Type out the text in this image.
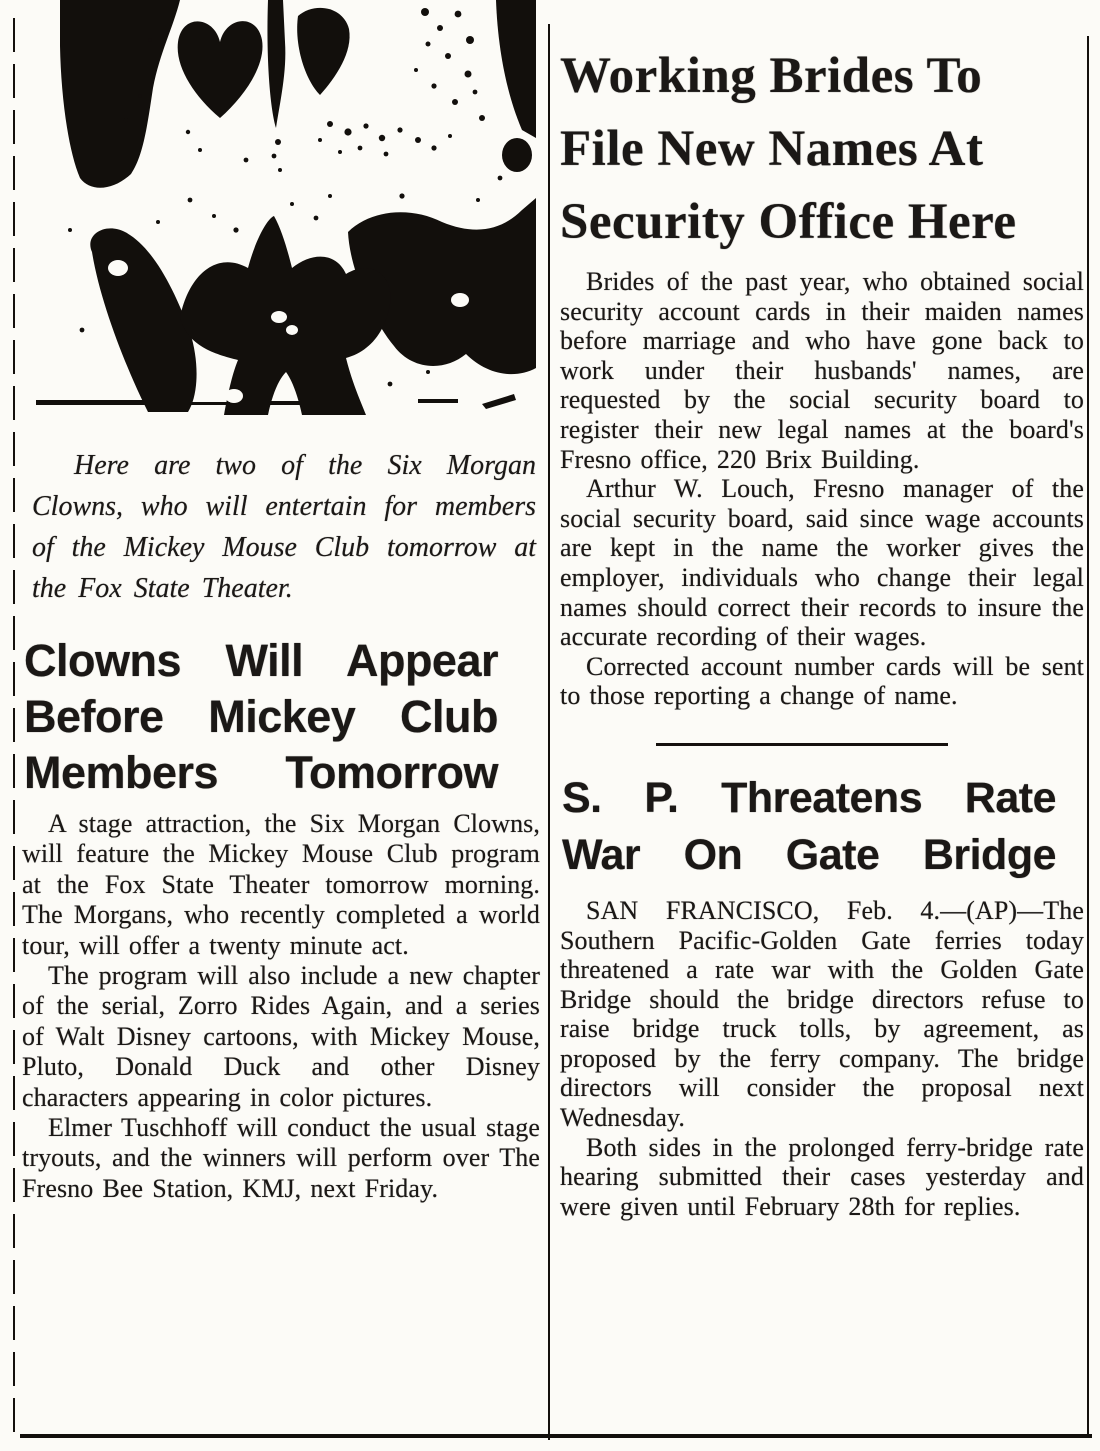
Here are two of the Six Morgan Clowns, who will entertain for members of the Mickey Mouse Club tomorrow at the Fox State Theater.

Clowns Will Appear
Before Mickey Club
Members Tomorrow

A stage attraction, the Six Morgan Clowns, will feature the Mickey Mouse Club program at the Fox State Theater tomorrow morning. The Morgans, who recently completed a world tour, will offer a twenty minute act.

The program will also include a new chapter of the serial, Zorro Rides Again, and a series of Walt Disney cartoons, with Mickey Mouse, Pluto, Donald Duck and other Disney characters appearing in color pictures.

Elmer Tuschhoff will conduct the usual stage tryouts, and the winners will perform over The Fresno Bee Station, KMJ, next Friday.

Working Brides To
File New Names At
Security Office Here

Brides of the past year, who obtained social security account cards in their maiden names before marriage and who have gone back to work under their husbands' names, are requested by the social security board to register their new legal names at the board's Fresno office, 220 Brix Building.

Arthur W. Louch, Fresno manager of the social security board, said since wage accounts are kept in the name the worker gives the employer, individuals who change their legal names should correct their records to insure the accurate recording of their wages.

Corrected account number cards will be sent to those reporting a change of name.

S. P. Threatens Rate
War On Gate Bridge

SAN FRANCISCO, Feb. 4.—(AP)—The Southern Pacific-Golden Gate ferries today threatened a rate war with the Golden Gate Bridge should the bridge directors refuse to raise bridge truck tolls, by agreement, as proposed by the ferry company. The bridge directors will consider the proposal next Wednesday.

Both sides in the prolonged ferry-bridge rate hearing submitted their cases yesterday and were given until February 28th for replies.
